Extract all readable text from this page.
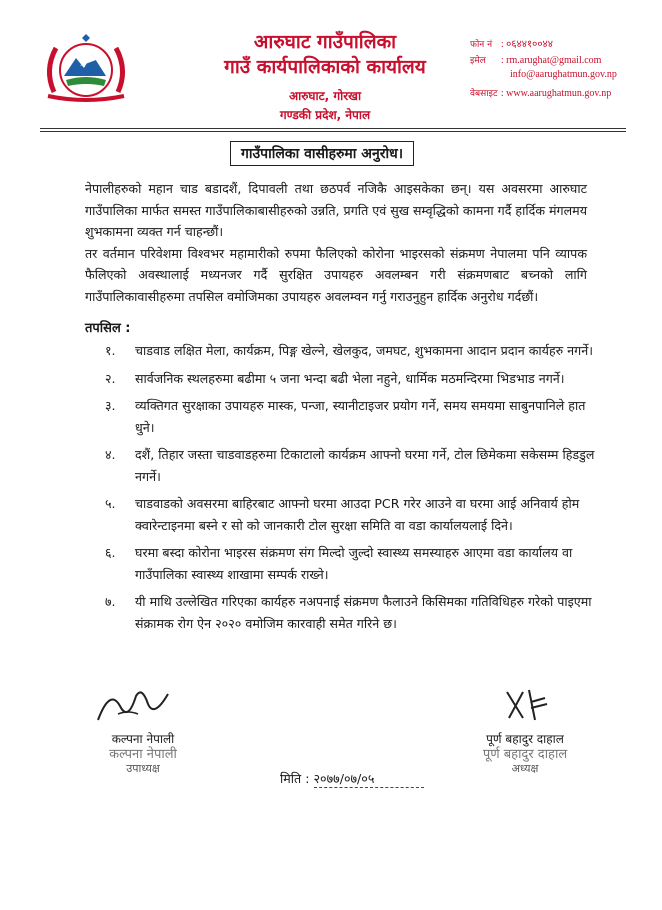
आरुघाट गाउँपालिका
गाउँ कार्यपालिकाको कार्यालय
आरुघाट, गोरखा
गण्डकी प्रदेश, नेपाल
फोन नं : ०६४४१००४४
इमेल : rm.arughat@gmail.com
info@aarughatmun.gov.np
वेबसाइट : www.aarughatmun.gov.np
गाउँपालिका वासीहरुमा अनुरोध।

नेपालीहरुको महान चाड बडादशैं, दिपावली तथा छठपर्व नजिकै आइसकेका छन्। यस अवसरमा आरुघाट गाउँपालिका मार्फत समस्त गाउँपालिकाबासीहरुको उन्नति, प्रगति एवं सुख सम्वृद्धिको कामना गर्दै हार्दिक मंगलमय शुभकामना व्यक्त गर्न चाहन्छौं।

तर वर्तमान परिवेशमा विश्वभर महामारीको रुपमा फैलिएको कोरोना भाइरसको संक्रमण नेपालमा पनि व्यापक फैलिएको अवस्थालाई मध्यनजर गर्दै सुरक्षित उपायहरु अवलम्बन गरी संक्रमणबाट बच्नको लागि गाउँपालिकावासीहरुमा तपसिल वमोजिमका उपायहरु अवलम्वन गर्नु गराउनुहुन हार्दिक अनुरोध गर्दछौं।

तपसिल :
१. चाडवाड लक्षित मेला, कार्यक्रम, पिङ्ग खेल्ने, खेलकुद, जमघट, शुभकामना आदान प्रदान कार्यहरु नगर्ने।
२. सार्वजनिक स्थलहरुमा बढीमा ५ जना भन्दा बढी भेला नहुने, धार्मिक मठमन्दिरमा भिडभाड नगर्ने।
३. व्यक्तिगत सुरक्षाका उपायहरु मास्क, पन्जा, स्यानीटाइजर प्रयोग गर्ने, समय समयमा साबुनपानिले हात धुने।
४. दशैं, तिहार जस्ता चाडवाडहरुमा टिकाटालो कार्यक्रम आफ्नो घरमा गर्ने, टोल छिमेकमा सकेसम्म हिडडुल नगर्ने।
५. चाडवाडको अवसरमा बाहिरबाट आफ्नो घरमा आउदा PCR गरेर आउने वा घरमा आई अनिवार्य होम क्वारेन्टाइनमा बस्ने र सो को जानकारी टोल सुरक्षा समिति वा वडा कार्यालयलाई दिने।
६. घरमा बस्दा कोरोना भाइरस संक्रमण संग मिल्दो जुल्दो स्वास्थ्य समस्याहरु आएमा वडा कार्यालय वा गाउँपालिका स्वास्थ्य शाखामा सम्पर्क राख्ने।
७. यी माथि उल्लेखित गरिएका कार्यहरु नअपनाई संक्रमण फैलाउने किसिमका गतिविधिहरु गरेको पाइएमा संक्रामक रोग ऐन २०२० वमोजिम कारवाही समेत गरिने छ।
कल्पना नेपाली
कल्पना नेपाली
उपाध्यक्ष
पूर्ण बहादुर दाहाल
पूर्ण बहादुर दाहाल
अध्यक्ष
मिति : २०७७/०७/०५
